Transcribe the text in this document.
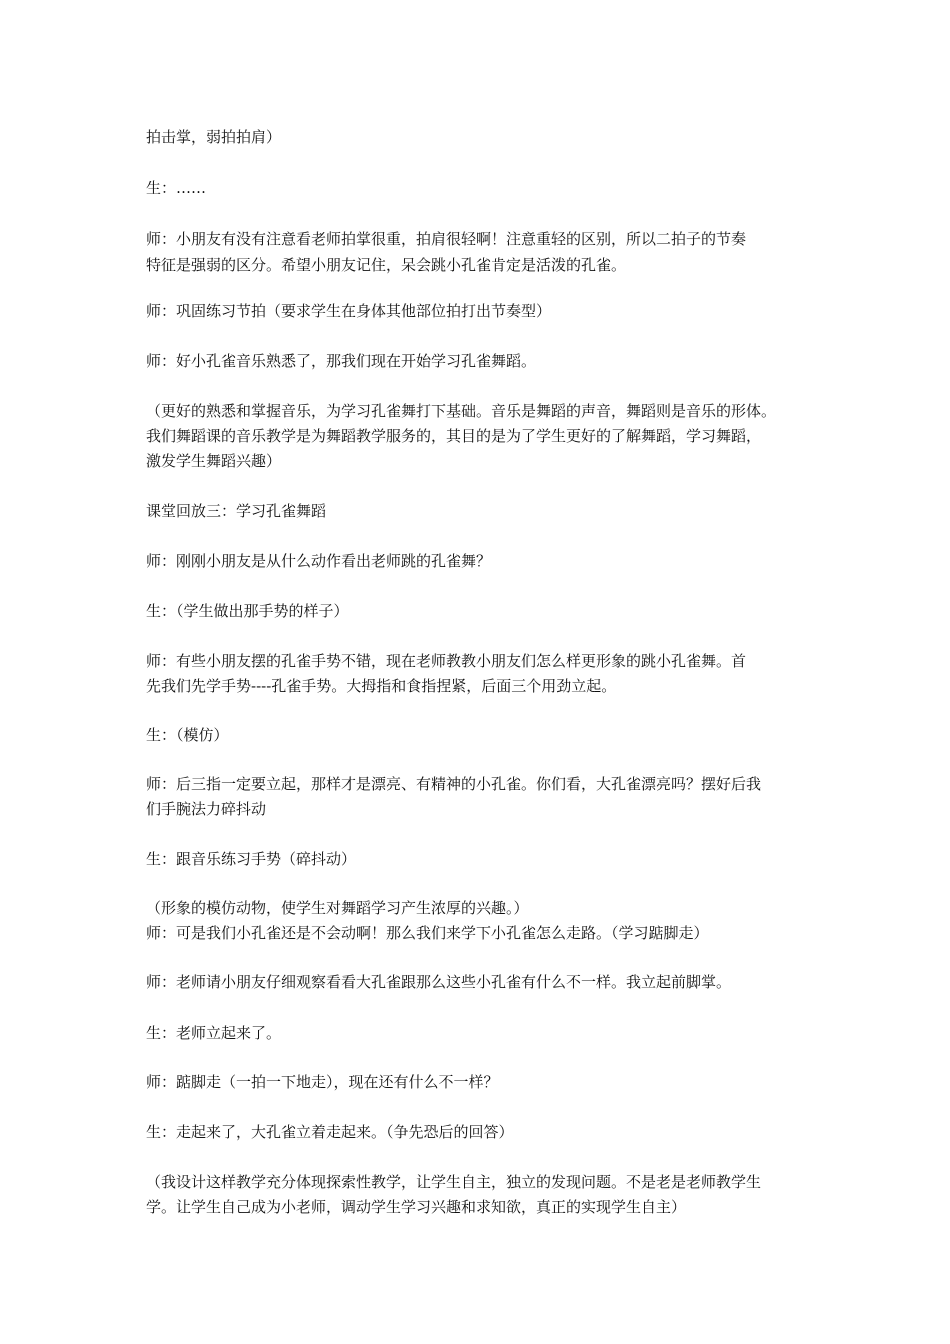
拍击掌，弱拍拍肩）
生：……
师：小朋友有没有注意看老师拍掌很重，拍肩很轻啊！注意重轻的区别，所以二拍子的节奏
特征是强弱的区分。希望小朋友记住，呆会跳小孔雀肯定是活泼的孔雀。
师：巩固练习节拍（要求学生在身体其他部位拍打出节奏型）
师：好小孔雀音乐熟悉了，那我们现在开始学习孔雀舞蹈。
（更好的熟悉和掌握音乐，为学习孔雀舞打下基础。音乐是舞蹈的声音，舞蹈则是音乐的形体。
我们舞蹈课的音乐教学是为舞蹈教学服务的，其目的是为了学生更好的了解舞蹈，学习舞蹈，
激发学生舞蹈兴趣）
课堂回放三：学习孔雀舞蹈
师：刚刚小朋友是从什么动作看出老师跳的孔雀舞？
生：（学生做出那手势的样子）
师：有些小朋友摆的孔雀手势不错，现在老师教教小朋友们怎么样更形象的跳小孔雀舞。首
先我们先学手势----孔雀手势。大拇指和食指捏紧，后面三个用劲立起。
生：（模仿）
师：后三指一定要立起，那样才是漂亮、有精神的小孔雀。你们看，大孔雀漂亮吗？摆好后我
们手腕法力碎抖动
生：跟音乐练习手势（碎抖动）
（形象的模仿动物，使学生对舞蹈学习产生浓厚的兴趣。）
师：可是我们小孔雀还是不会动啊！那么我们来学下小孔雀怎么走路。（学习踮脚走）
师：老师请小朋友仔细观察看看大孔雀跟那么这些小孔雀有什么不一样。我立起前脚掌。
生：老师立起来了。
师：踮脚走（一拍一下地走），现在还有什么不一样？
生：走起来了，大孔雀立着走起来。（争先恐后的回答）
（我设计这样教学充分体现探索性教学，让学生自主，独立的发现问题。不是老是老师教学生
学。让学生自己成为小老师，调动学生学习兴趣和求知欲，真正的实现学生自主）
